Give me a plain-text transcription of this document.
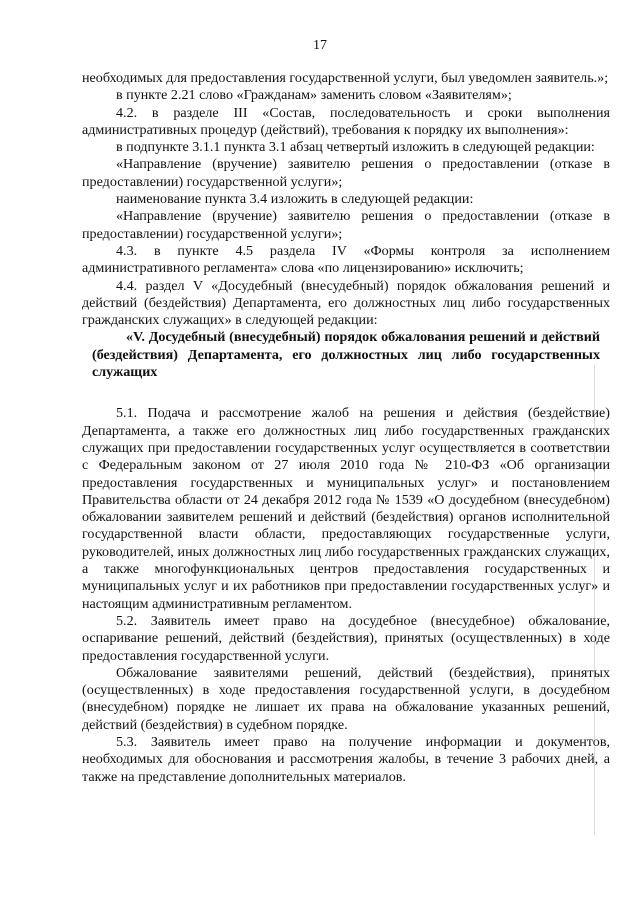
17

необходимых для предоставления государственной услуги, был уведомлен заявитель.»;

в пункте 2.21 слово «Гражданам» заменить словом «Заявителям»;

4.2. в разделе III «Состав, последовательность и сроки выполнения административных процедур (действий), требования к порядку их выполнения»:

в подпункте 3.1.1 пункта 3.1 абзац четвертый изложить в следующей редакции:

«Направление (вручение) заявителю решения о предоставлении (отказе в предоставлении) государственной услуги»;

наименование пункта 3.4 изложить в следующей редакции:

«Направление (вручение) заявителю решения о предоставлении (отказе в предоставлении) государственной услуги»;

4.3. в пункте 4.5 раздела IV «Формы контроля за исполнением административного регламента» слова «по лицензированию» исключить;

4.4. раздел V «Досудебный (внесудебный) порядок обжалования решений и действий (бездействия) Департамента, его должностных лиц либо государственных гражданских служащих» в следующей редакции:

«V. Досудебный (внесудебный) порядок обжалования решений и действий (бездействия) Департамента, его должностных лиц либо государственных служащих

5.1. Подача и рассмотрение жалоб на решения и действия (бездействие) Департамента, а также его должностных лиц либо государственных гражданских служащих при предоставлении государственных услуг осуществляется в соответствии с Федеральным законом от 27 июля 2010 года № 210-ФЗ «Об организации предоставления государственных и муниципальных услуг» и постановлением Правительства области от 24 декабря 2012 года № 1539 «О досудебном (внесудебном) обжаловании заявителем решений и действий (бездействия) органов исполнительной государственной власти области, предоставляющих государственные услуги, руководителей, иных должностных лиц либо государственных гражданских служащих, а также многофункциональных центров предоставления государственных и муниципальных услуг и их работников при предоставлении государственных услуг» и настоящим административным регламентом.

5.2. Заявитель имеет право на досудебное (внесудебное) обжалование, оспаривание решений, действий (бездействия), принятых (осуществленных) в ходе предоставления государственной услуги.

Обжалование заявителями решений, действий (бездействия), принятых (осуществленных) в ходе предоставления государственной услуги, в досудебном (внесудебном) порядке не лишает их права на обжалование указанных решений, действий (бездействия) в судебном порядке.

5.3. Заявитель имеет право на получение информации и документов, необходимых для обоснования и рассмотрения жалобы, в течение 3 рабочих дней, а также на представление дополнительных материалов.
